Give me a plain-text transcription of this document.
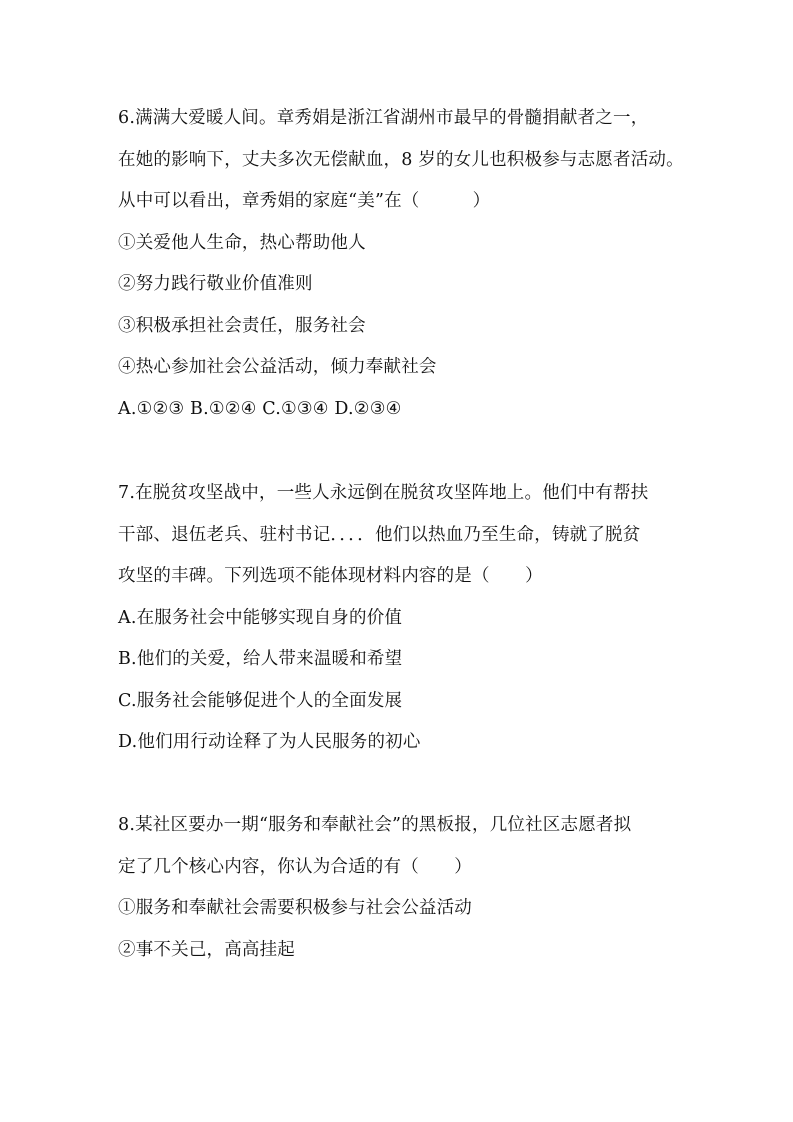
6.满满大爱暖人间。章秀娟是浙江省湖州市最早的骨髓捐献者之一，
在她的影响下，丈夫多次无偿献血，8 岁的女儿也积极参与志愿者活动。
从中可以看出，章秀娟的家庭“美”在（　　　）
①关爱他人生命，热心帮助他人
②努力践行敬业价值准则
③积极承担社会责任，服务社会
④热心参加社会公益活动，倾力奉献社会
A.①②③ B.①②④ C.①③④ D.②③④
7.在脱贫攻坚战中，一些人永远倒在脱贫攻坚阵地上。他们中有帮扶
干部、退伍老兵、驻村书记．．．．他们以热血乃至生命，铸就了脱贫
攻坚的丰碑。下列选项不能体现材料内容的是（　　）
A.在服务社会中能够实现自身的价值
B.他们的关爱，给人带来温暖和希望
C.服务社会能够促进个人的全面发展
D.他们用行动诠释了为人民服务的初心
8.某社区要办一期“服务和奉献社会”的黑板报，几位社区志愿者拟
定了几个核心内容，你认为合适的有（　　）
①服务和奉献社会需要积极参与社会公益活动
②事不关己，高高挂起
